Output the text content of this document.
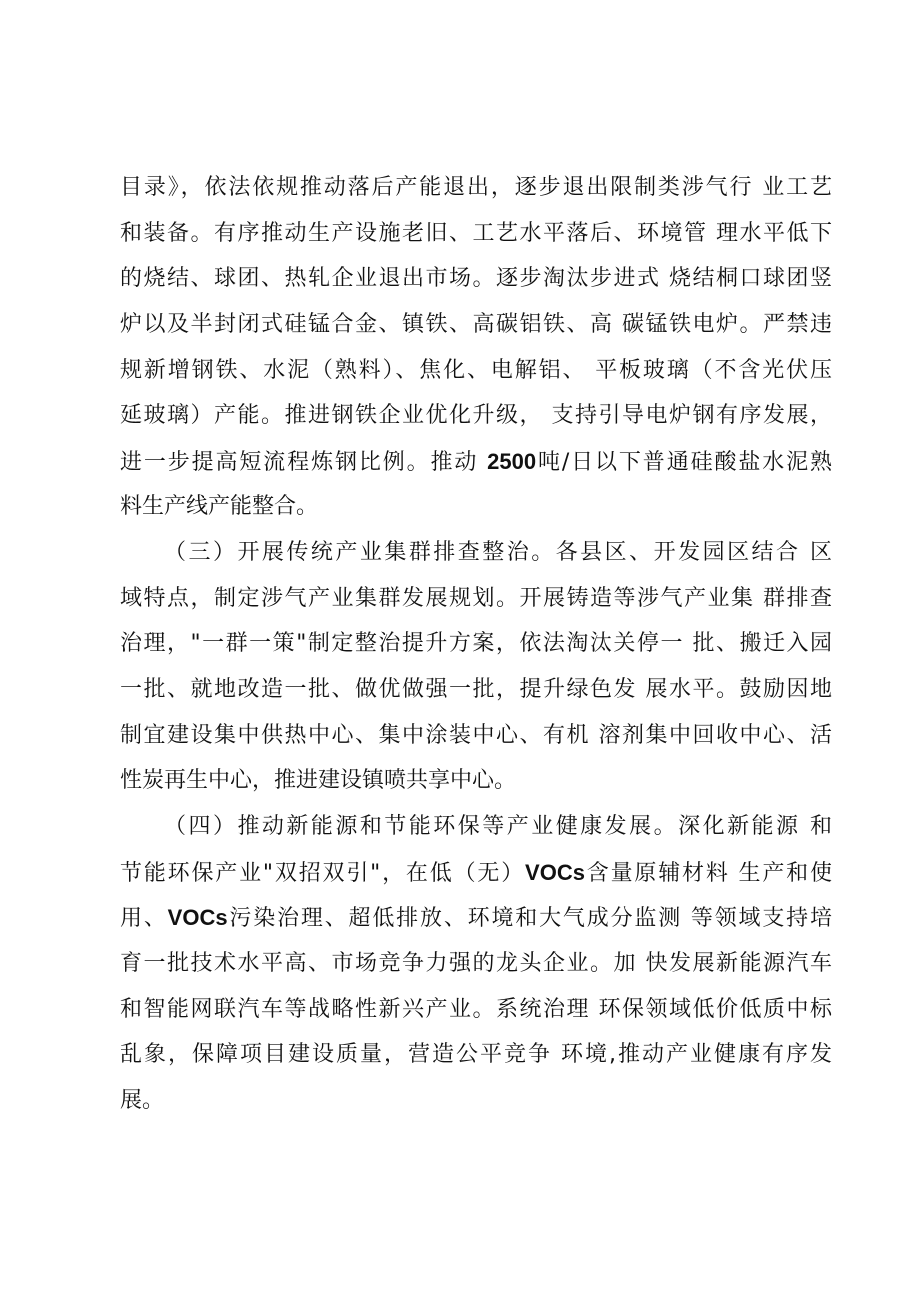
目录》，依法依规推动落后产能退出，逐步退出限制类涉气行 业工艺
和装备。有序推动生产设施老旧、工艺水平落后、环境管 理水平低下
的烧结、球团、热轧企业退出市场。逐步淘汰步进式 烧结桐口球团竖
炉以及半封闭式硅锰合金、镇铁、高碳铝铁、高 碳锰铁电炉。严禁违
规新增钢铁、水泥（熟料）、焦化、电解铝、 平板玻璃（不含光伏压
延玻璃）产能。推进钢铁企业优化升级， 支持引导电炉钢有序发展，
进一步提高短流程炼钢比例。推动 2500吨/日以下普通硅酸盐水泥熟
料生产线产能整合。
（三）开展传统产业集群排查整治。各县区、开发园区结合 区
域特点，制定涉气产业集群发展规划。开展铸造等涉气产业集 群排查
治理，"一群一策"制定整治提升方案，依法淘汰关停一 批、搬迁入园
一批、就地改造一批、做优做强一批，提升绿色发 展水平。鼓励因地
制宜建设集中供热中心、集中涂装中心、有机 溶剂集中回收中心、活
性炭再生中心，推进建设镇喷共享中心。
（四）推动新能源和节能环保等产业健康发展。深化新能源 和
节能环保产业"双招双引"，在低（无）VOCs含量原辅材料 生产和使
用、VOCs污染治理、超低排放、环境和大气成分监测 等领域支持培
育一批技术水平高、市场竞争力强的龙头企业。加 快发展新能源汽车
和智能网联汽车等战略性新兴产业。系统治理 环保领域低价低质中标
乱象，保障项目建设质量，营造公平竞争 环境,推动产业健康有序发
展。
